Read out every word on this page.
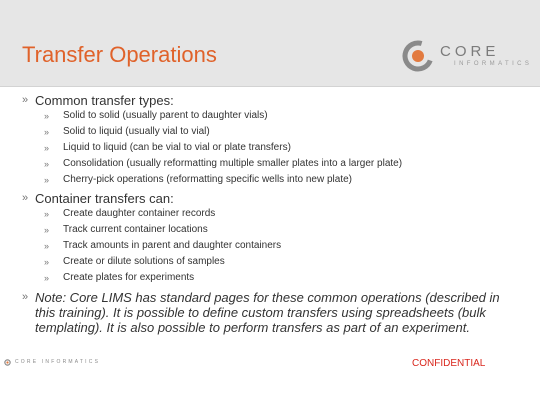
Transfer Operations	CORE
INFORMATICS
» Common transfer types:
»	Solid to solid (usually parent to daughter vials)
»	Solid to liquid (usually vial to vial)
»	Liquid to liquid (can be vial to vial or plate transfers)
»	Consolidation (usually reformatting multiple smaller plates into a larger plate)
»	Cherry-pick operations (reformatting specific wells into new plate)
» Container transfers can:
»	Create daughter container records
»	Track current container locations
»	Track amounts in parent and daughter containers
»	Create or dilute solutions of samples
»	Create plates for experiments
» Note: Core LIMS has standard pages for these common operations (described in this training). It is possible to define custom transfers using spreadsheets (bulk templating). It is also possible to perform transfers as part of an experiment.
CORE INFORMATICS	CONFIDENTIAL
